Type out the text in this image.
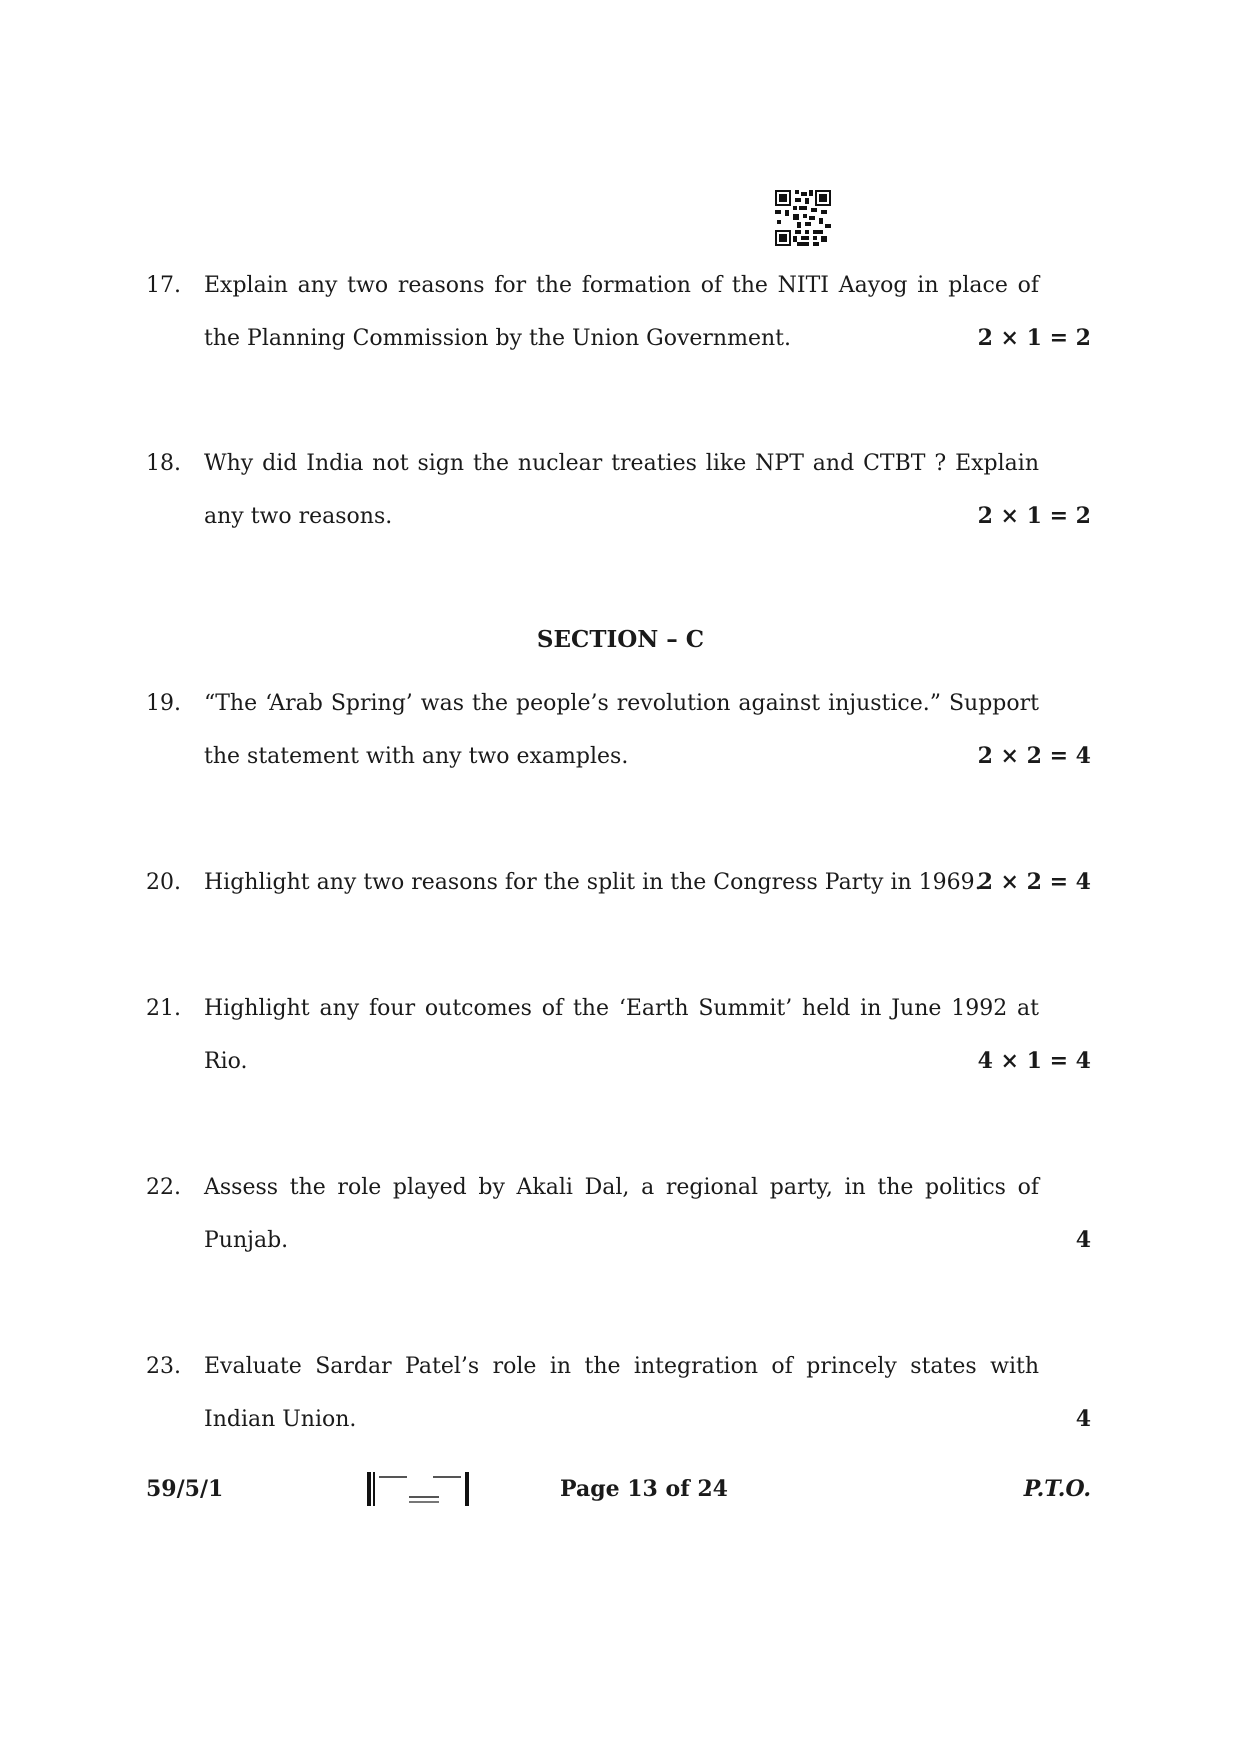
17. Explain any two reasons for the formation of the NITI Aayog in place of
the Planning Commission by the Union Government.	2 × 1 = 2
18. Why did India not sign the nuclear treaties like NPT and CTBT ? Explain
any two reasons.	2 × 1 = 2
SECTION – C
19. “The ‘Arab Spring’ was the people’s revolution against injustice.” Support
the statement with any two examples.	2 × 2 = 4
20. Highlight any two reasons for the split in the Congress Party in 1969.
2 × 2 = 4
21. Highlight any four outcomes of the ‘Earth Summit’ held in June 1992 at
Rio.	4 × 1 = 4
22. Assess the role played by Akali Dal, a regional party, in the politics of
Punjab.	4
23. Evaluate Sardar Patel’s role in the integration of princely states with
Indian Union.	4
59/5/1	Page 13 of 24	P.T.O.
